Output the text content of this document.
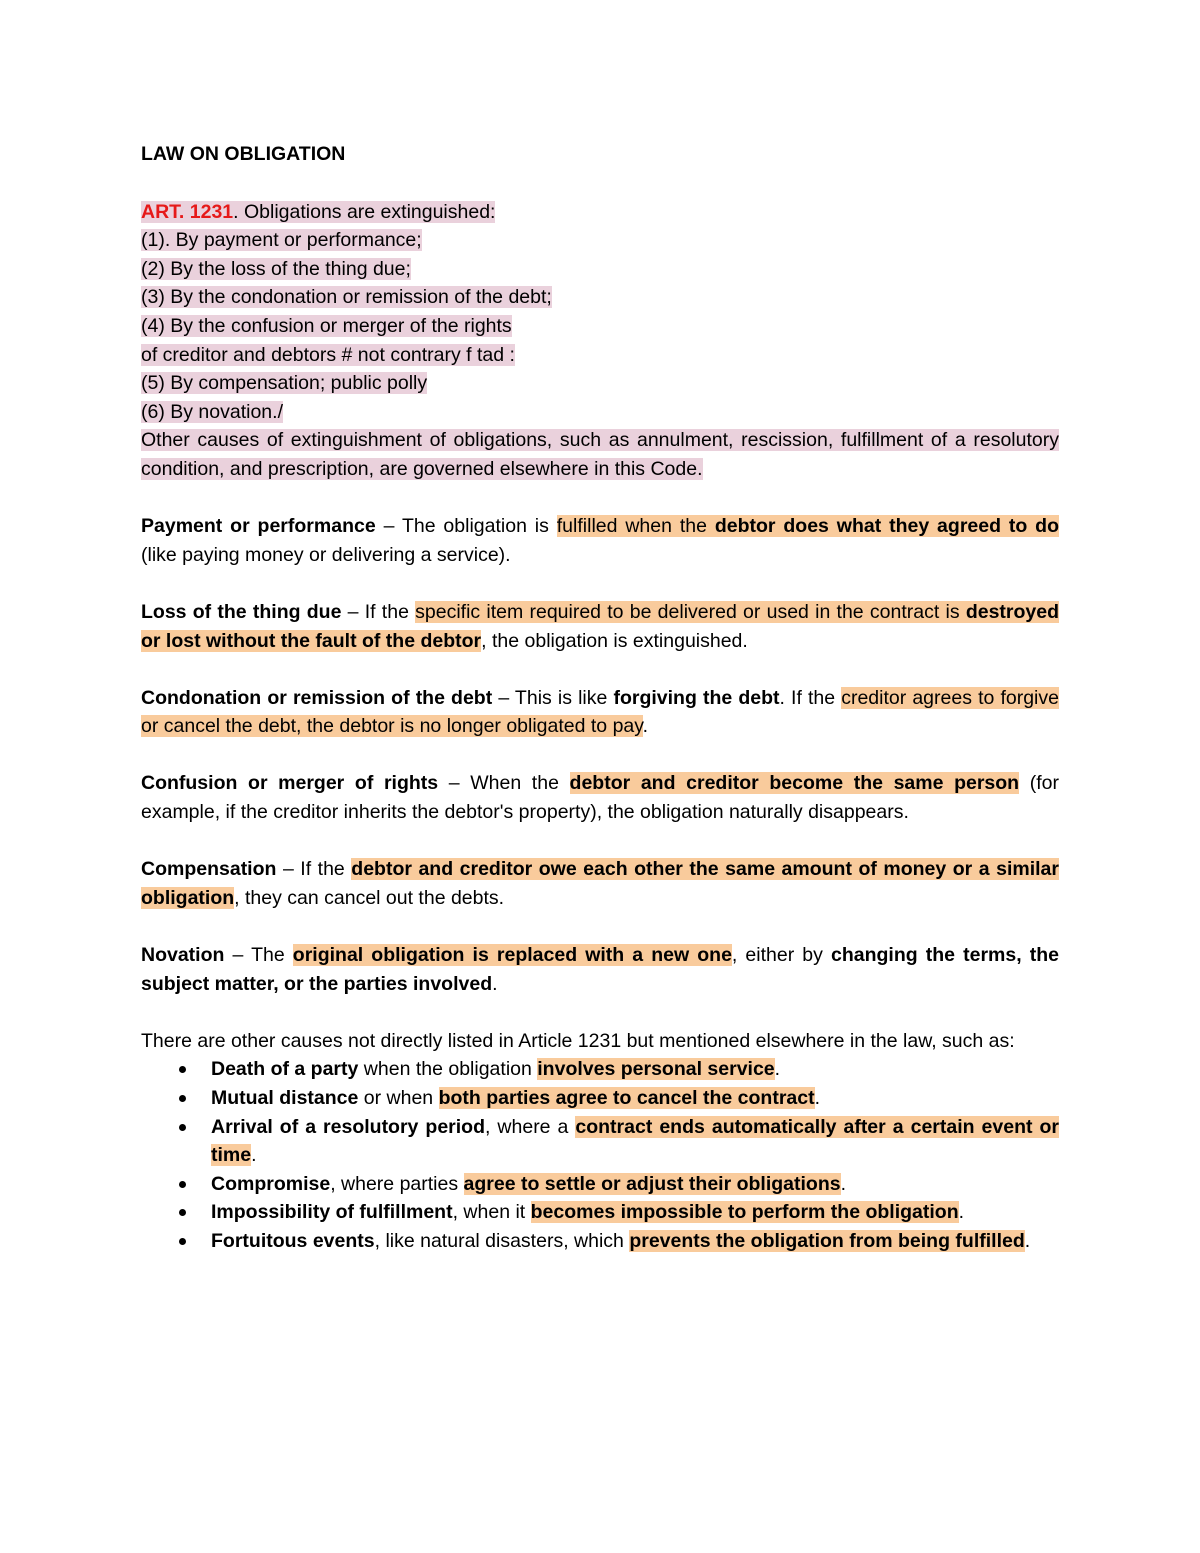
LAW ON OBLIGATION

ART. 1231. Obligations are extinguished:

(1). By payment or performance;

(2) By the loss of the thing due;

(3) By the condonation or remission of the debt;

(4) By the confusion or merger of the rights

of creditor and debtors # not contrary f tad :

(5) By compensation; public polly

(6) By novation./

Other causes of extinguishment of obligations, such as annulment, rescission, fulfillment of a resolutory condition, and prescription, are governed elsewhere in this Code.

Payment or performance – The obligation is fulfilled when the debtor does what they agreed to do (like paying money or delivering a service).

Loss of the thing due – If the specific item required to be delivered or used in the contract is destroyed or lost without the fault of the debtor, the obligation is extinguished.

Condonation or remission of the debt – This is like forgiving the debt. If the creditor agrees to forgive or cancel the debt, the debtor is no longer obligated to pay.

Confusion or merger of rights – When the debtor and creditor become the same person (for example, if the creditor inherits the debtor's property), the obligation naturally disappears.

Compensation – If the debtor and creditor owe each other the same amount of money or a similar obligation, they can cancel out the debts.

Novation – The original obligation is replaced with a new one, either by changing the terms, the subject matter, or the parties involved.

There are other causes not directly listed in Article 1231 but mentioned elsewhere in the law, such as:

Death of a party when the obligation involves personal service.
Mutual distance or when both parties agree to cancel the contract.
Arrival of a resolutory period, where a contract ends automatically after a certain event or time.
Compromise, where parties agree to settle or adjust their obligations.
Impossibility of fulfillment, when it becomes impossible to perform the obligation.
Fortuitous events, like natural disasters, which prevents the obligation from being fulfilled.
